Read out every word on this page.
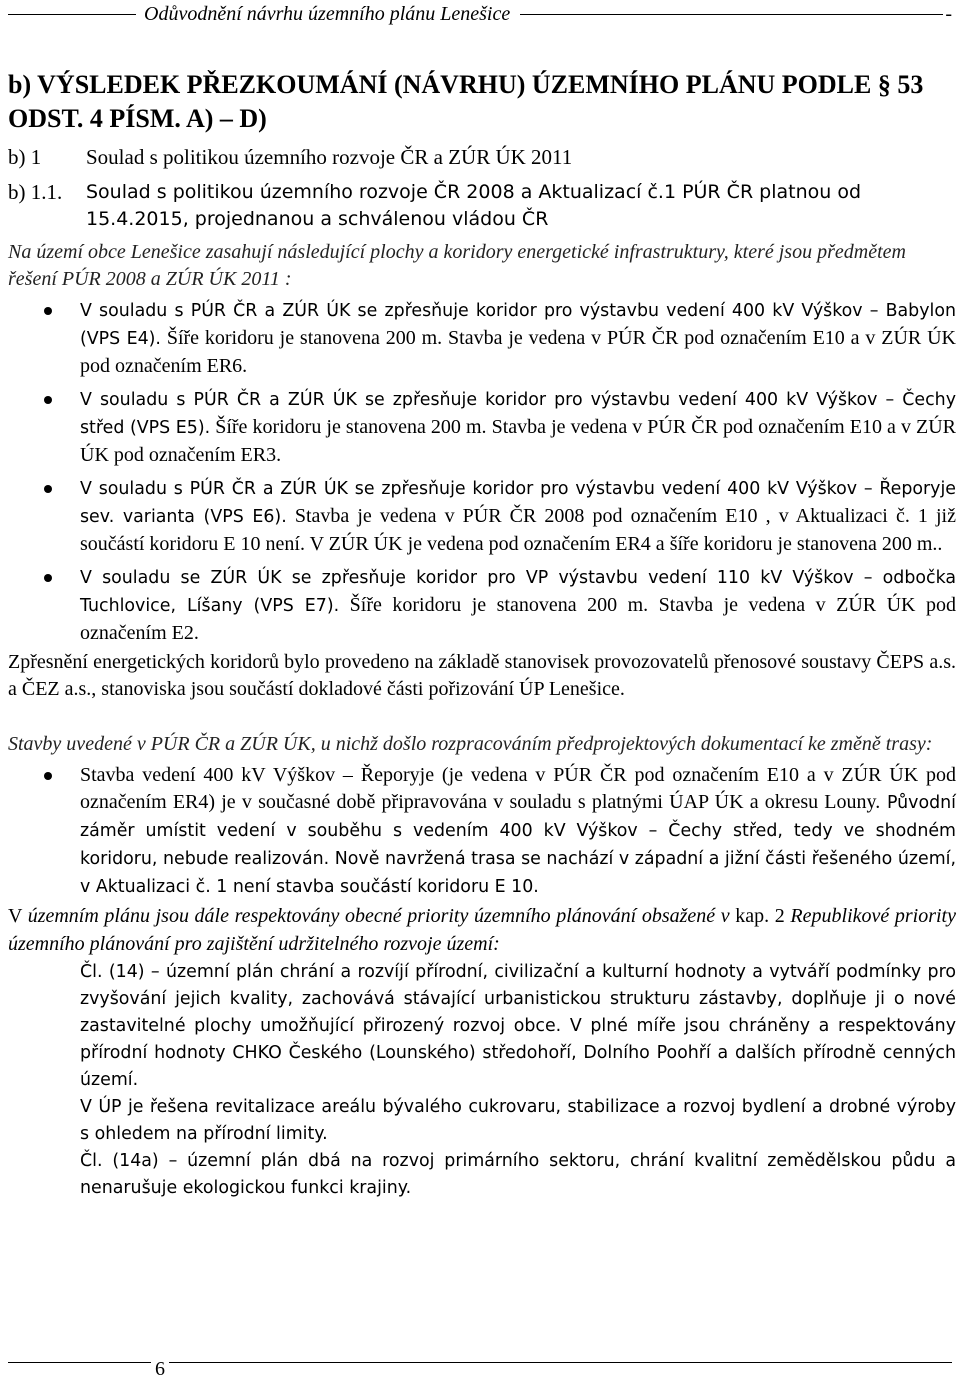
Odůvodnění návrhu územního plánu Lenešice	-
b) VÝSLEDEK PŘEZKOUMÁNÍ (NÁVRHU) ÚZEMNÍHO PLÁNU PODLE § 53 ODST. 4 PÍSM. A) – D)
b) 1	Soulad s politikou územního rozvoje ČR a ZÚR ÚK 2011
b) 1.1.	Soulad s politikou územního rozvoje ČR 2008 a Aktualizací č.1 PÚR ČR platnou od 15.4.2015, projednanou a schválenou vládou ČR

Na území obce Lenešice zasahují následující plochy a koridory energetické infrastruktury, které jsou předmětem řešení PÚR 2008 a ZÚR ÚK 2011 :

V souladu s PÚR ČR a ZÚR ÚK se zpřesňuje koridor pro výstavbu vedení 400 kV Výškov – Babylon (VPS E4). Šíře koridoru je stanovena 200 m. Stavba je vedena v PÚR ČR pod označením E10 a v ZÚR ÚK pod označením ER6.
V souladu s PÚR ČR a ZÚR ÚK se zpřesňuje koridor pro výstavbu vedení 400 kV Výškov – Čechy střed (VPS E5). Šíře koridoru je stanovena 200 m. Stavba je vedena v PÚR ČR pod označením E10 a v ZÚR ÚK pod označením ER3.
V souladu s PÚR ČR a ZÚR ÚK se zpřesňuje koridor pro výstavbu vedení 400 kV Výškov – Řeporyje sev. varianta (VPS E6). Stavba je vedena v PÚR ČR 2008 pod označením E10 , v Aktualizaci č. 1 již součástí koridoru E 10 není. V ZÚR ÚK je vedena pod označením ER4 a šíře koridoru je stanovena 200 m..
V souladu se ZÚR ÚK se zpřesňuje koridor pro VP výstavbu vedení 110 kV Výškov – odbočka Tuchlovice, Líšany (VPS E7). Šíře koridoru je stanovena 200 m. Stavba je vedena v ZÚR ÚK pod označením E2.

Zpřesnění energetických koridorů bylo provedeno na základě stanovisek provozovatelů přenosové soustavy ČEPS a.s. a ČEZ a.s., stanoviska jsou součástí dokladové části pořizování ÚP Lenešice.

Stavby uvedené v PÚR ČR a ZÚR ÚK, u nichž došlo rozpracováním předprojektových dokumentací ke změně trasy:

Stavba vedení 400 kV Výškov – Řeporyje (je vedena v PÚR ČR pod označením E10 a v ZÚR ÚK pod označením ER4) je v současné době připravována v souladu s platnými ÚAP ÚK a okresu Louny. Původní záměr umístit vedení v souběhu s vedením 400 kV Výškov – Čechy střed, tedy ve shodném koridoru, nebude realizován. Nově navržená trasa se nachází v západní a jižní části řešeného území, v Aktualizaci č. 1 není stavba součástí koridoru E 10.

V územním plánu jsou dále respektovány obecné priority územního plánování obsažené v kap. 2 Republikové priority územního plánování pro zajištění udržitelného rozvoje území:

Čl. (14) – územní plán chrání a rozvíjí přírodní, civilizační a kulturní hodnoty a vytváří podmínky pro zvyšování jejich kvality, zachovává stávající urbanistickou strukturu zástavby, doplňuje ji o nové zastavitelné plochy umožňující přirozený rozvoj obce. V plné míře jsou chráněny a respektovány přírodní hodnoty CHKO Českého (Lounského) středohoří, Dolního Poohří a dalších přírodně cenných území.

V ÚP je řešena revitalizace areálu bývalého cukrovaru, stabilizace a rozvoj bydlení a drobné výroby s ohledem na přírodní limity.

Čl. (14a) – územní plán dbá na rozvoj primárního sektoru, chrání kvalitní zemědělskou půdu a nenarušuje ekologickou funkci krajiny.

6
